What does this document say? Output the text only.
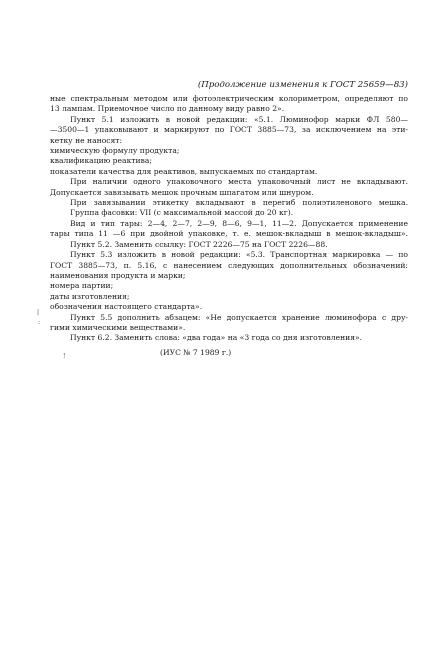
(Продолжение изменения к ГОСТ 25659—83)
ные спектральным методом или фотоэлектрическим колориметром, определяют по
13 лампам. Приемочное число по данному виду равно 2».
Пункт 5.1 изложить в новой редакции: «5.1. Люминофор марки ФЛ 580—
—3500—1 упаковывают и маркируют по ГОСТ 3885—73, за исключением на эти-
кетку не наносят:
химическую формулу продукта;
квалификацию реактива;
показатели качества для реактивов, выпускаемых по стандартам.
При наличии одного упаковочного места упаковочный лист не вкладывают.
Допускается завязывать мешок прочным шпагатом или шнуром.
При завязывании этикетку вкладывают в перегиб полиэтиленового мешка.
Группа фасовки: VII (с максимальной массой до 20 кг).
Вид и тип тары: 2—4, 2—7, 2—9, 8—6, 9—1, 11—2. Допускается применение
тары типа 11 —6 при двойной упаковке, т. е. мешок-вкладыш в мешок-вкладыш».
Пункт 5.2. Заменить ссылку: ГОСТ 2226—75 на ГОСТ 2226—88.
Пункт 5.3 изложить в новой редакции: «5.3. Транспортная маркировка — по
ГОСТ 3885—73, п. 5.16, с нанесением следующих дополнительных обозначений:
наименования продукта и марки;
номера партии;
даты изготовления;
обозначения настоящего стандарта».
Пункт 5.5 дополнить абзацем: «Не допускается хранение люминофора с дру-
гими химическими веществами».
Пункт 6.2. Заменить слова: «два года» на «3 года со дня изготовления».
(ИУС № 7 1989 г.)
|
:
!
